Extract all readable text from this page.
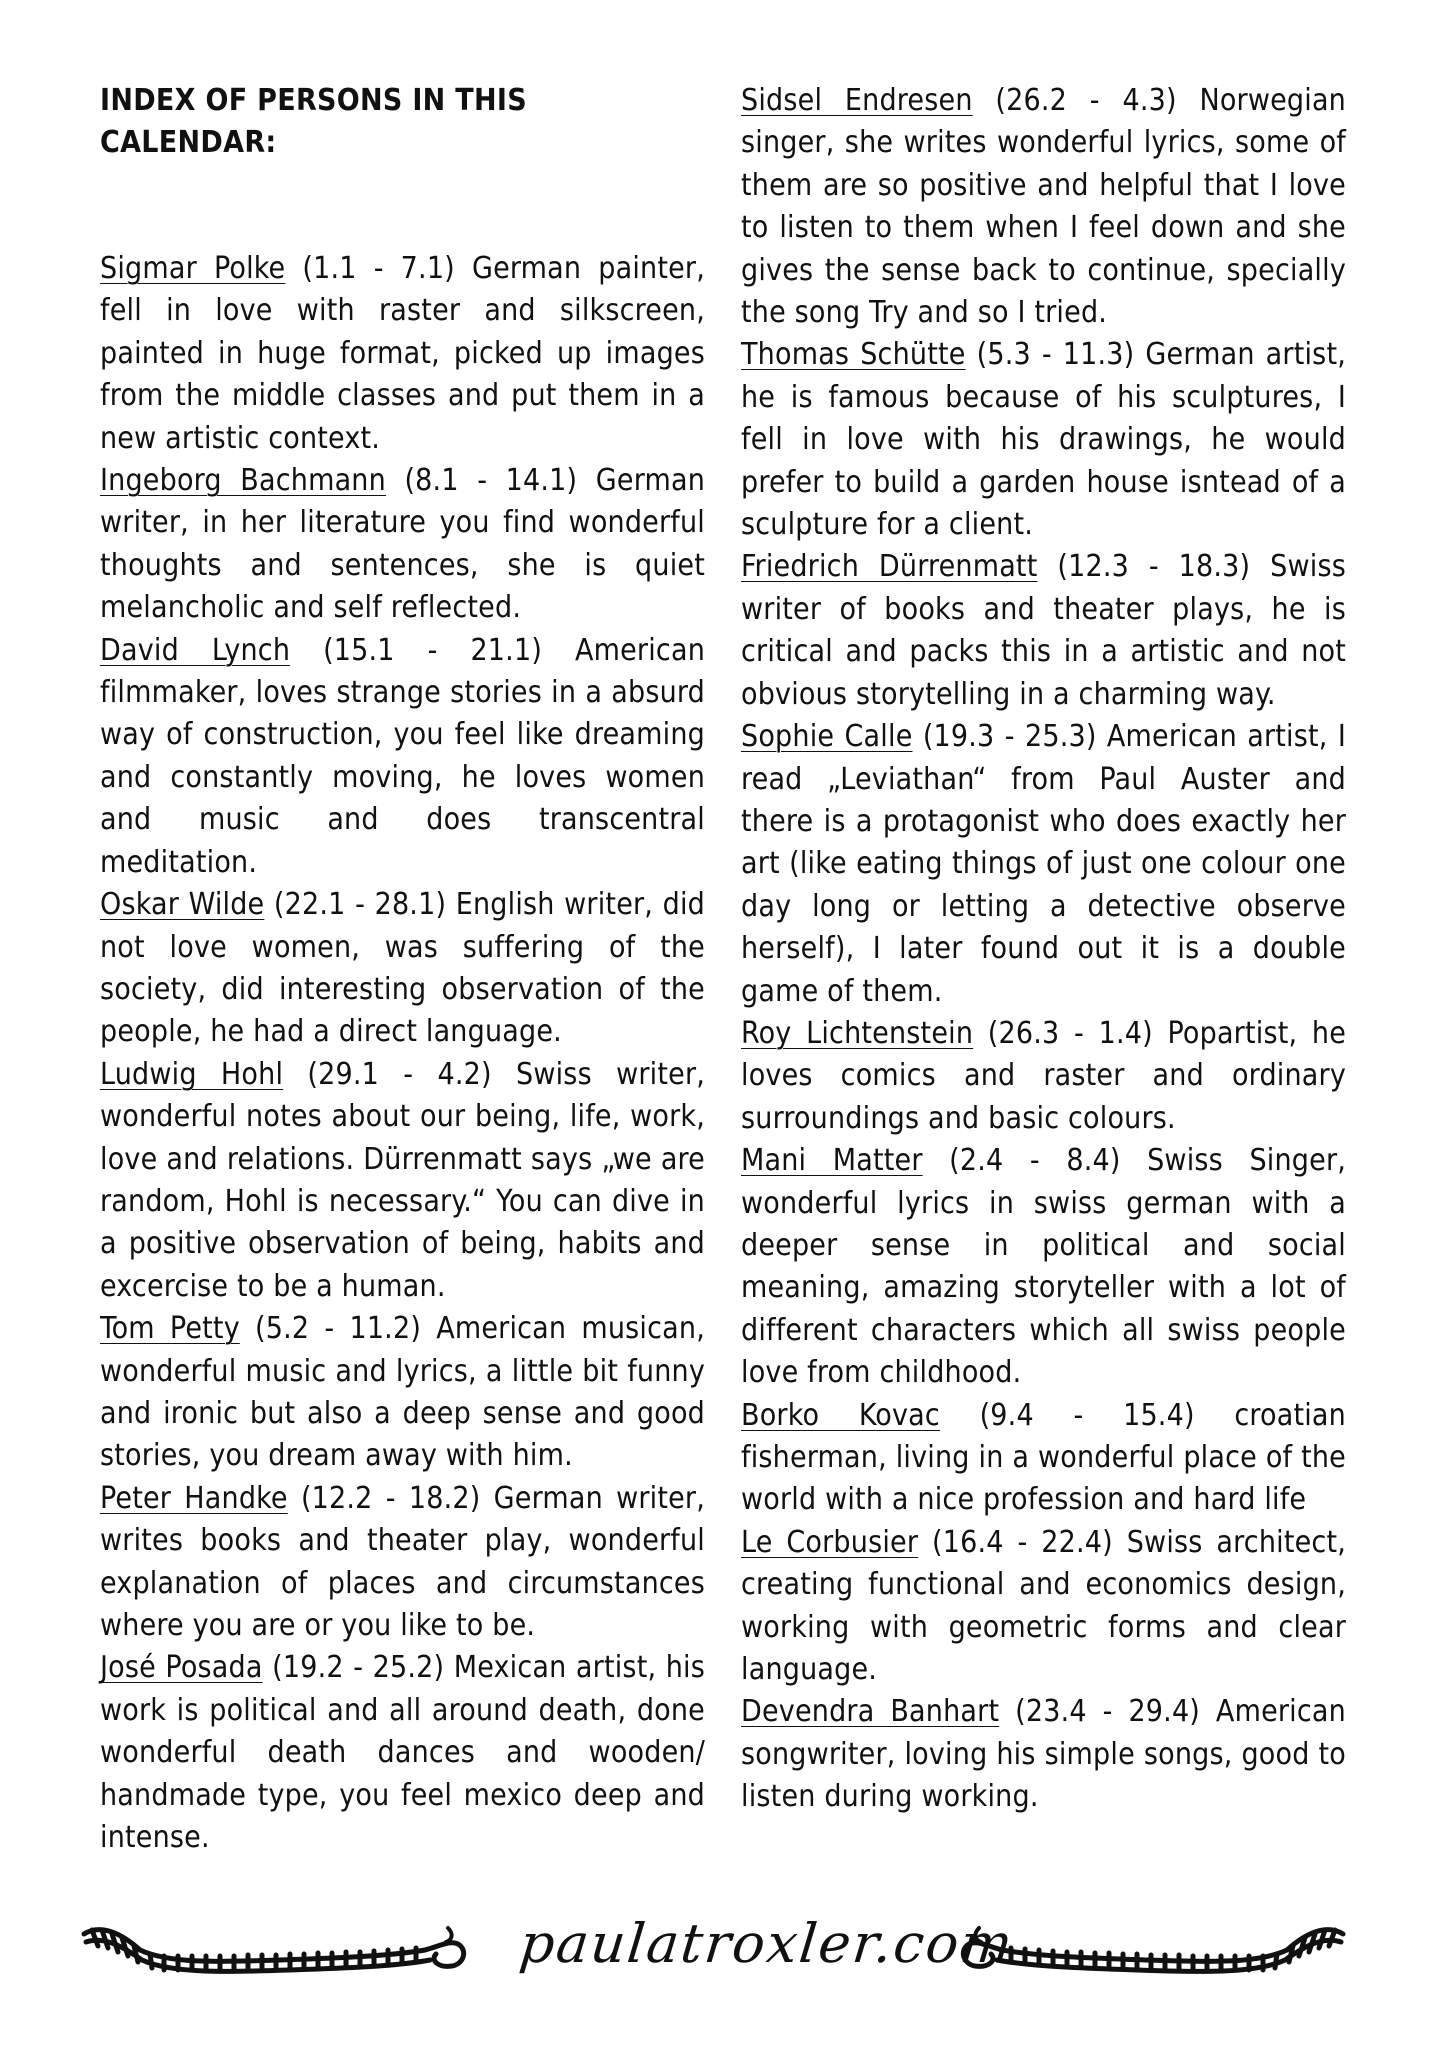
INDEX OF PERSONS IN THIS CALENDAR:

Sigmar Polke (1.1 - 7.1) German painter, fell in love with raster and silkscreen, painted in huge format, picked up images from the middle classes and put them in a new artistic context.

Ingeborg Bachmann (8.1 - 14.1) German writer, in her literature you find wonderful thoughts and sentences, she is quiet melancholic and self reflected.

David Lynch (15.1 - 21.1) American filmmaker, loves strange stories in a absurd way of construction, you feel like dreaming and constantly moving, he loves women and music and does transcentral meditation.

Oskar Wilde (22.1 - 28.1) English writer, did not love women, was suffering of the society, did interesting observation of the people, he had a direct language.

Ludwig Hohl (29.1 - 4.2) Swiss writer, wonderful notes about our being, life, work, love and relations. Dürrenmatt says „we are random, Hohl is necessary.“ You can dive in a positive observation of being, habits and excercise to be a human.

Tom Petty (5.2 - 11.2) American musican, wonderful music and lyrics, a little bit funny and ironic but also a deep sense and good stories, you dream away with him.

Peter Handke (12.2 - 18.2) German writer, writes books and theater play, wonderful explanation of places and circumstances where you are or you like to be.

José Posada (19.2 - 25.2) Mexican artist, his work is political and all around death, done wonderful death dances and wooden/ handmade type, you feel mexico deep and intense.

Sidsel Endresen (26.2 - 4.3) Norwegian singer, she writes wonderful lyrics, some of them are so positive and helpful that I love to listen to them when I feel down and she gives the sense back to continue, specially the song Try and so I tried.

Thomas Schütte (5.3 - 11.3) German artist, he is famous because of his sculptures, I fell in love with his drawings, he would prefer to build a garden house isntead of a sculpture for a client.

Friedrich Dürrenmatt (12.3 - 18.3) Swiss writer of books and theater plays, he is critical and packs this in a artistic and not obvious storytelling in a charming way.

Sophie Calle (19.3 - 25.3) American artist, I read „Leviathan“ from Paul Auster and there is a protagonist who does exactly her art (like eating things of just one colour one day long or letting a detective observe herself), I later found out it is a double game of them.

Roy Lichtenstein (26.3 - 1.4) Popartist, he loves comics and raster and ordinary surroundings and basic colours.

Mani Matter (2.4 - 8.4) Swiss Singer, wonderful lyrics in swiss german with a deeper sense in political and social meaning, amazing storyteller with a lot of different characters which all swiss people love from childhood.

Borko Kovac (9.4 - 15.4) croatian fisherman, living in a wonderful place of the world with a nice profession and hard life

Le Corbusier (16.4 - 22.4) Swiss architect, creating functional and economics design, working with geometric forms and clear language.

Devendra Banhart (23.4 - 29.4) American songwriter, loving his simple songs, good to listen during working.

paulatroxler.com
